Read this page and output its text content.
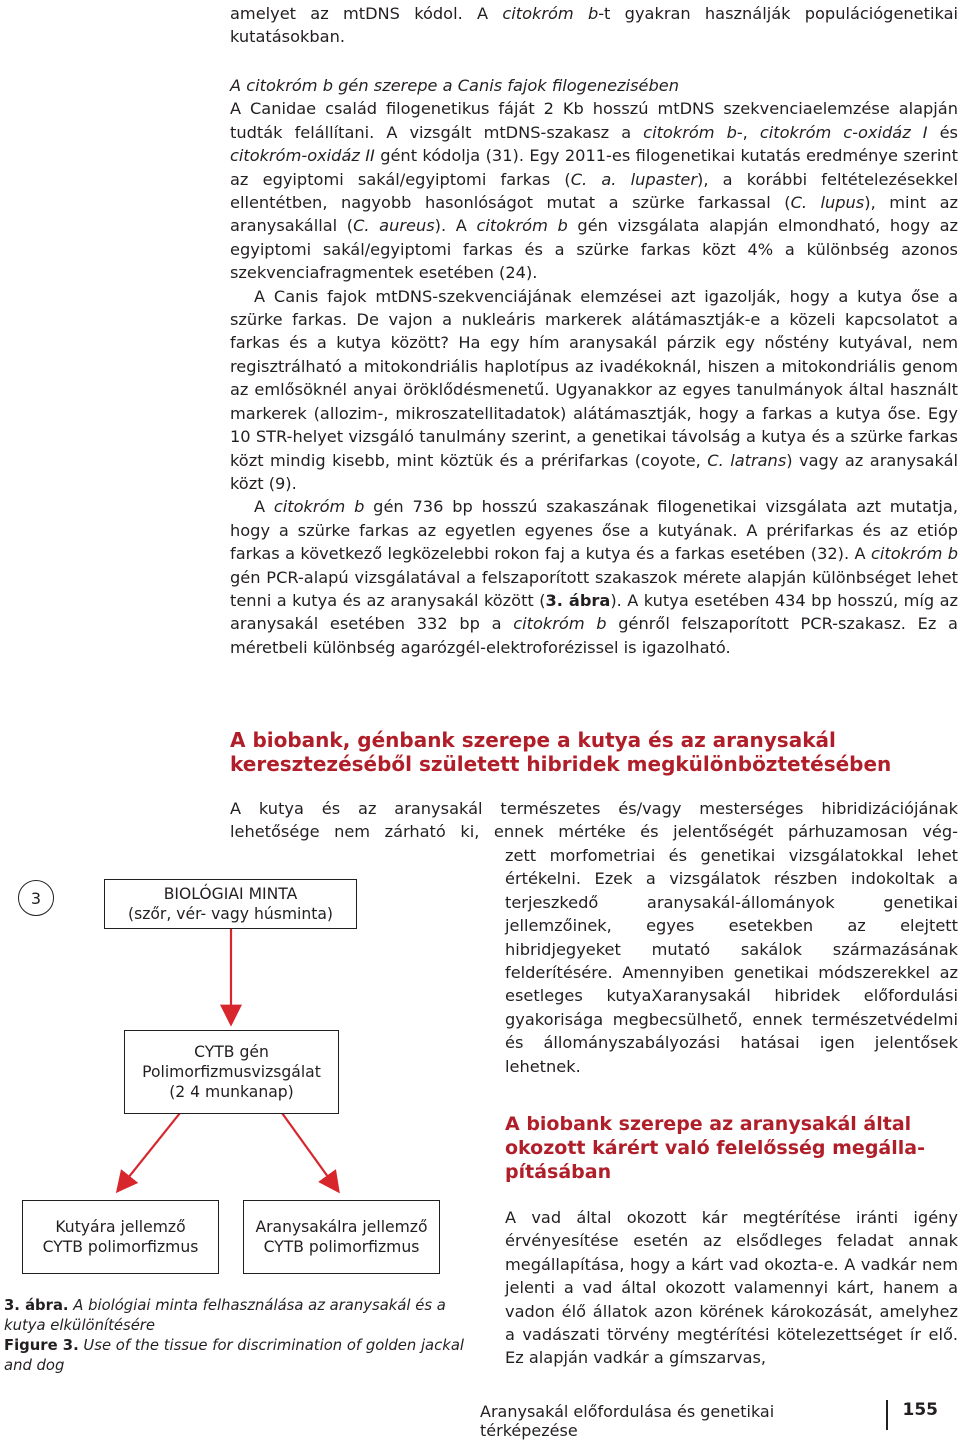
amelyet az mtDNS kódol. A citokróm b-t gyakran használják populációgenetikai kutatásokban.

A citokróm b gén szerepe a Canis fajok filogenezisében

A Canidae család filogenetikus fáját 2 Kb hosszú mtDNS szekvenciaelemzése alapján tudták felállítani. A vizsgált mtDNS-szakasz a citokróm b-, citokróm c-oxidáz I és citokróm-oxidáz II gént kódolja (31). Egy 2011-es filogenetikai kutatás eredménye szerint az egyiptomi sakál/egyiptomi farkas (C. a. lupaster), a korábbi feltételezésekkel ellentétben, nagyobb hasonlóságot mutat a szürke farkassal (C. lupus), mint az aranysakállal (C. aureus). A citokróm b gén vizsgálata alapján elmondható, hogy az egyiptomi sakál/egyiptomi farkas és a szürke farkas közt 4% a különbség azonos szekvenciafragmentek esetében (24).

A Canis fajok mtDNS-szekvenciájának elemzései azt igazolják, hogy a kutya őse a szürke farkas. De vajon a nukleáris markerek alátámasztják-e a közeli kapcsolatot a farkas és a kutya között? Ha egy hím aranysakál párzik egy nőstény kutyával, nem regisztrálható a mitokondriális haplotípus az ivadékoknál, hiszen a mitokondriális genom az emlősöknél anyai öröklődésmenetű. Ugyanakkor az egyes tanulmányok által használt markerek (allozim-, mikroszatellitadatok) alátámasztják, hogy a farkas a kutya őse. Egy 10 STR-helyet vizsgáló tanulmány szerint, a genetikai távolság a kutya és a szürke farkas közt mindig kisebb, mint köztük és a prérifarkas (coyote, C. latrans) vagy az aranysakál közt (9).

A citokróm b gén 736 bp hosszú szakaszának filogenetikai vizsgálata azt mutatja, hogy a szürke farkas az egyetlen egyenes őse a kutyának. A prérifarkas és az etióp farkas a következő legközelebbi rokon faj a kutya és a farkas esetében (32). A citokróm b gén PCR-alapú vizsgálatával a felszaporított szakaszok mérete alapján különbséget lehet tenni a kutya és az aranysakál között (3. ábra). A kutya esetében 434 bp hosszú, míg az aranysakál esetében 332 bp a citokróm b génről felszaporított PCR-szakasz. Ez a méretbeli különbség agarózgél-elektroforézissel is igazolható.

A biobank, génbank szerepe a kutya és az aranysakál
keresztezéséből született hibridek megkülönböztetésében

A kutya és az aranysakál természetes és/vagy mesterséges hibridizációjának

lehetősége nem zárható ki, ennek mértéke és jelentőségét párhuzamosan vég-

zett morfometriai és genetikai vizsgálatokkal lehet értékelni. Ezek a vizsgálatok részben indokoltak a terjeszkedő aranysakál-állományok genetikai jellemzőinek, egyes esetekben az elejtett hibridjegyeket mutató sakálok származásának felderítésére. Amennyiben genetikai módszerekkel az esetleges kutyaXaranysakál hibridek előfordulási gyakorisága megbecsülhető, ennek természetvédelmi és állományszabályozási hatásai igen jelentősek lehetnek.

A biobank szerepe az aranysakál által
okozott kárért való felelősség megálla-
pításában

A vad által okozott kár megtérítése iránti igény érvényesítése esetén az elsődleges feladat annak megállapítása, hogy a kárt vad okozta-e. A vadkár nem jelenti a vad által okozott valamennyi kárt, hanem a vadon élő állatok azon körének károkozását, amelyhez a vadászati törvény megtérítési kötelezettséget ír elő. Ez alapján vadkár a gímszarvas,

3	BIOLÓGIAI MINTA
(szőr, vér- vagy húsminta)
CYTB gén
Polimorfizmusvizsgálat
(2 4 munkanap)
Kutyára jellemző
CYTB polimorfizmus
Aranysakálra jellemző
CYTB polimorfizmus
3. ábra. A biológiai minta felhasználása az aranysakál és a kutya elkülönítésére
Figure 3. Use of the tissue for discrimination of golden jackal and dog
Aranysakál előfordulása és genetikai térképezése
155
